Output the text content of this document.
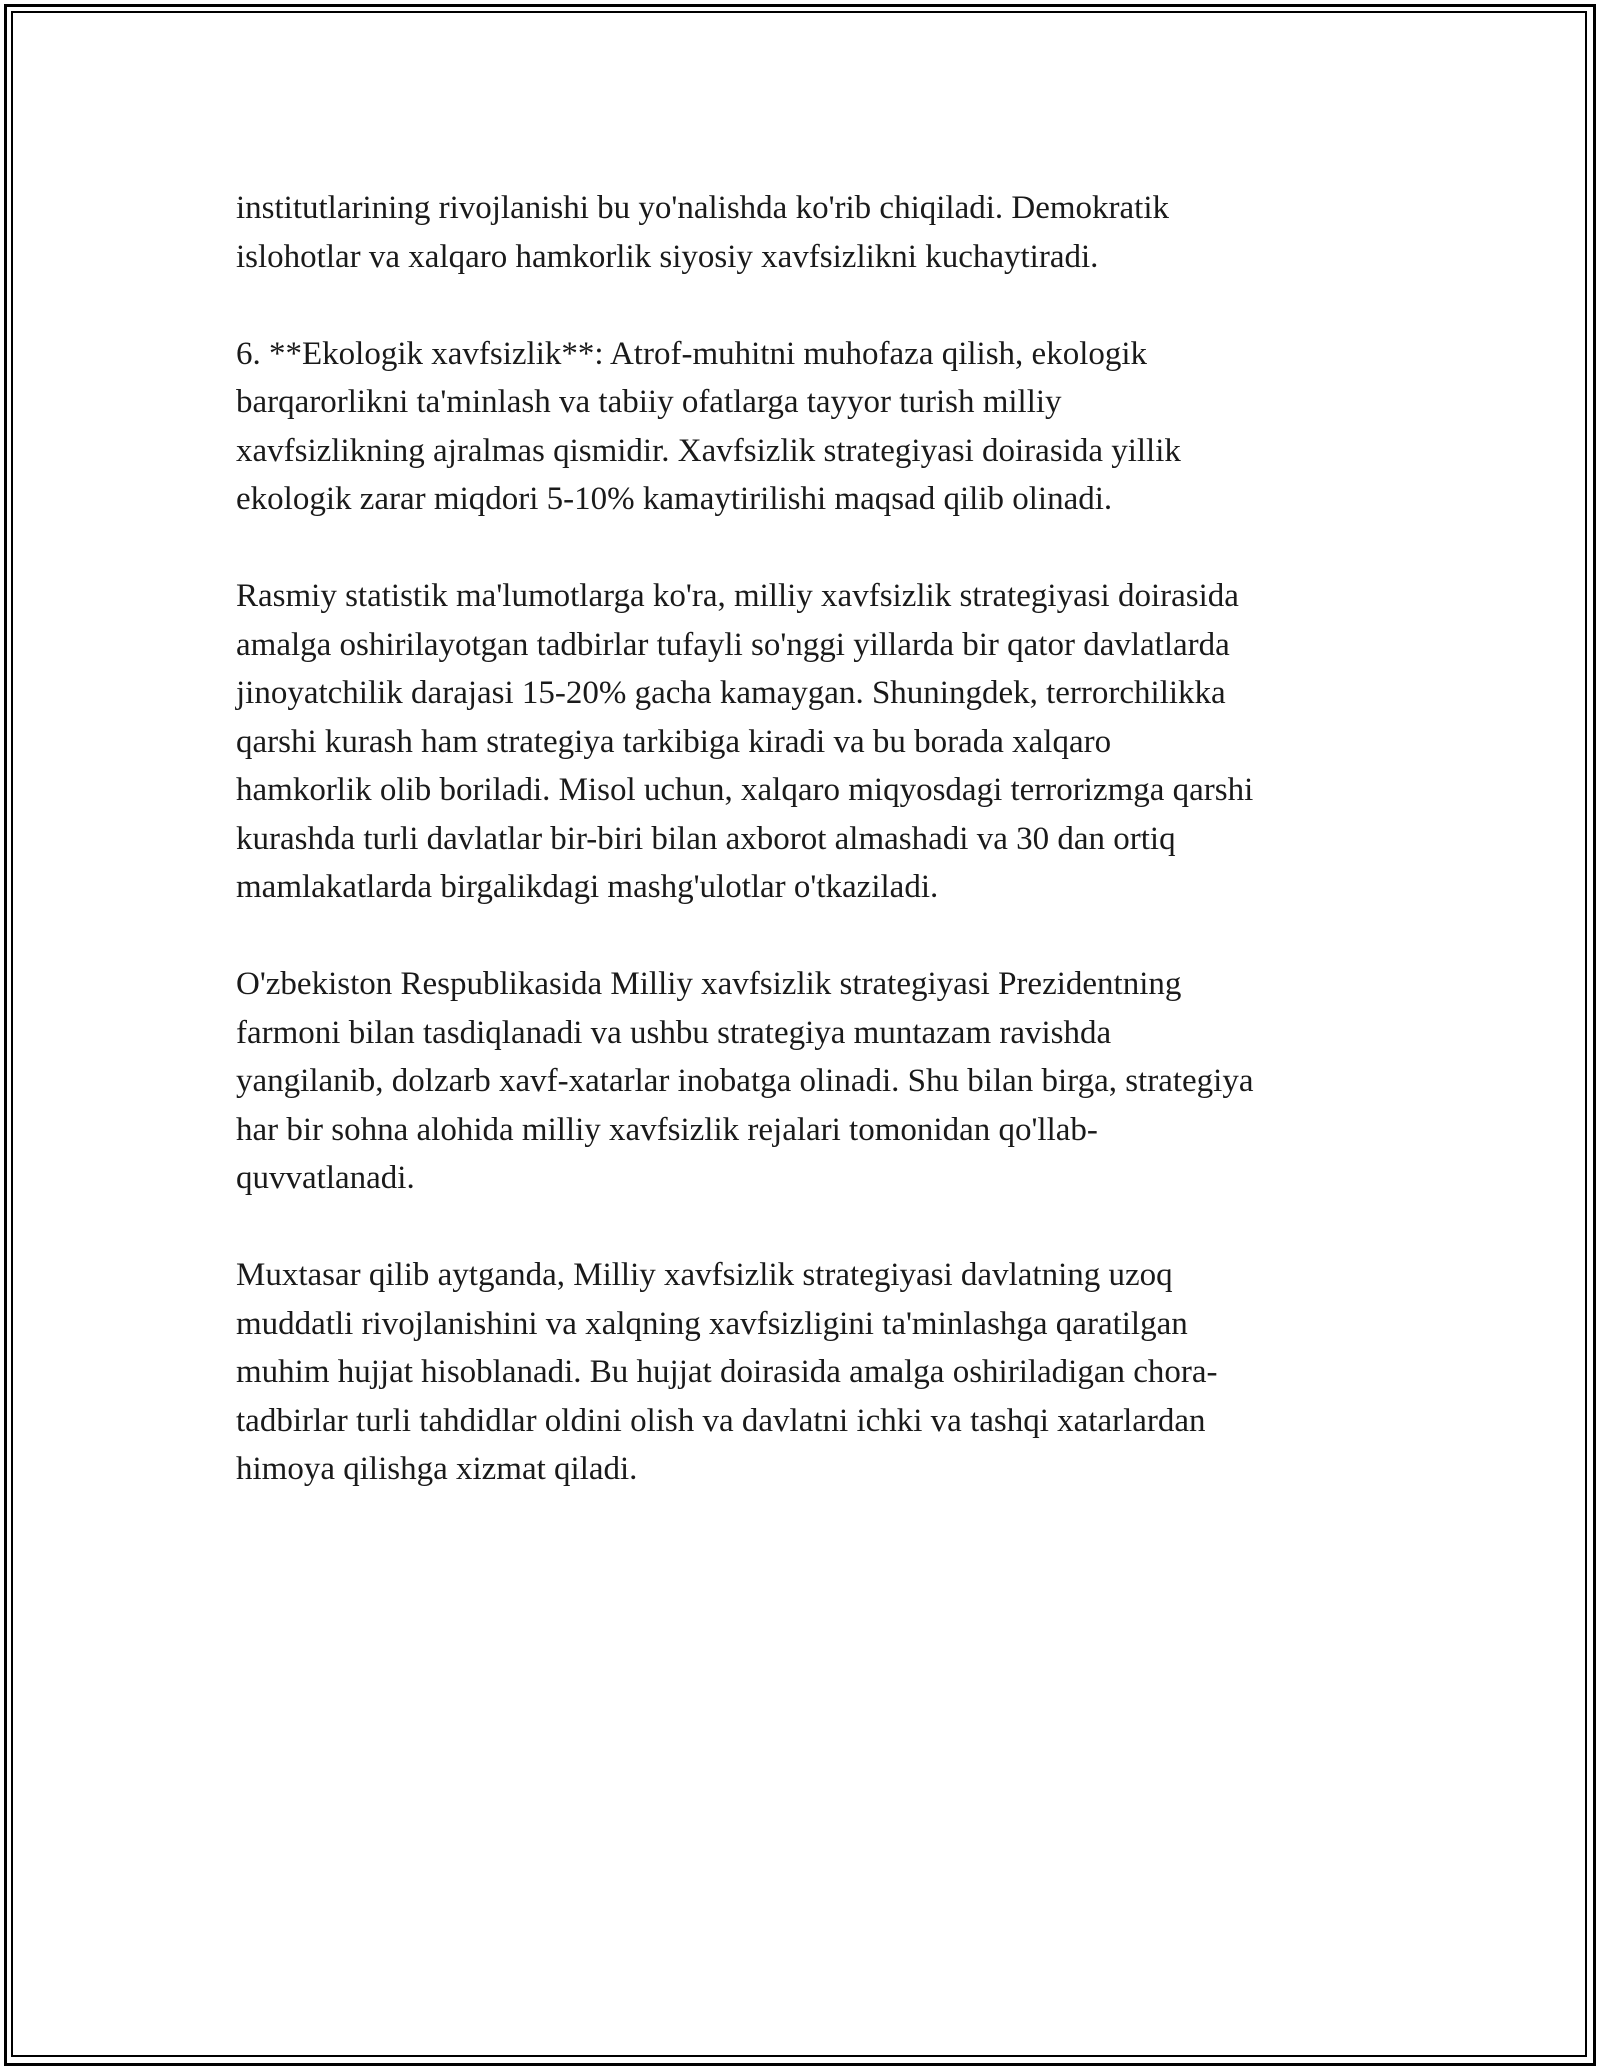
institutlarining rivojlanishi bu yo'nalishda ko'rib chiqiladi. Demokratik
islohotlar va xalqaro hamkorlik siyosiy xavfsizlikni kuchaytiradi.

6. **Ekologik xavfsizlik**: Atrof-muhitni muhofaza qilish, ekologik
barqarorlikni ta'minlash va tabiiy ofatlarga tayyor turish milliy
xavfsizlikning ajralmas qismidir. Xavfsizlik strategiyasi doirasida yillik
ekologik zarar miqdori 5-10% kamaytirilishi maqsad qilib olinadi.

Rasmiy statistik ma'lumotlarga ko'ra, milliy xavfsizlik strategiyasi doirasida
amalga oshirilayotgan tadbirlar tufayli so'nggi yillarda bir qator davlatlarda
jinoyatchilik darajasi 15-20% gacha kamaygan. Shuningdek, terrorchilikka
qarshi kurash ham strategiya tarkibiga kiradi va bu borada xalqaro
hamkorlik olib boriladi. Misol uchun, xalqaro miqyosdagi terrorizmga qarshi
kurashda turli davlatlar bir-biri bilan axborot almashadi va 30 dan ortiq
mamlakatlarda birgalikdagi mashg'ulotlar o'tkaziladi.

O'zbekiston Respublikasida Milliy xavfsizlik strategiyasi Prezidentning
farmoni bilan tasdiqlanadi va ushbu strategiya muntazam ravishda
yangilanib, dolzarb xavf-xatarlar inobatga olinadi. Shu bilan birga, strategiya
har bir sohna alohida milliy xavfsizlik rejalari tomonidan qo'llab-
quvvatlanadi.

Muxtasar qilib aytganda, Milliy xavfsizlik strategiyasi davlatning uzoq
muddatli rivojlanishini va xalqning xavfsizligini ta'minlashga qaratilgan
muhim hujjat hisoblanadi. Bu hujjat doirasida amalga oshiriladigan chora-
tadbirlar turli tahdidlar oldini olish va davlatni ichki va tashqi xatarlardan
himoya qilishga xizmat qiladi.
